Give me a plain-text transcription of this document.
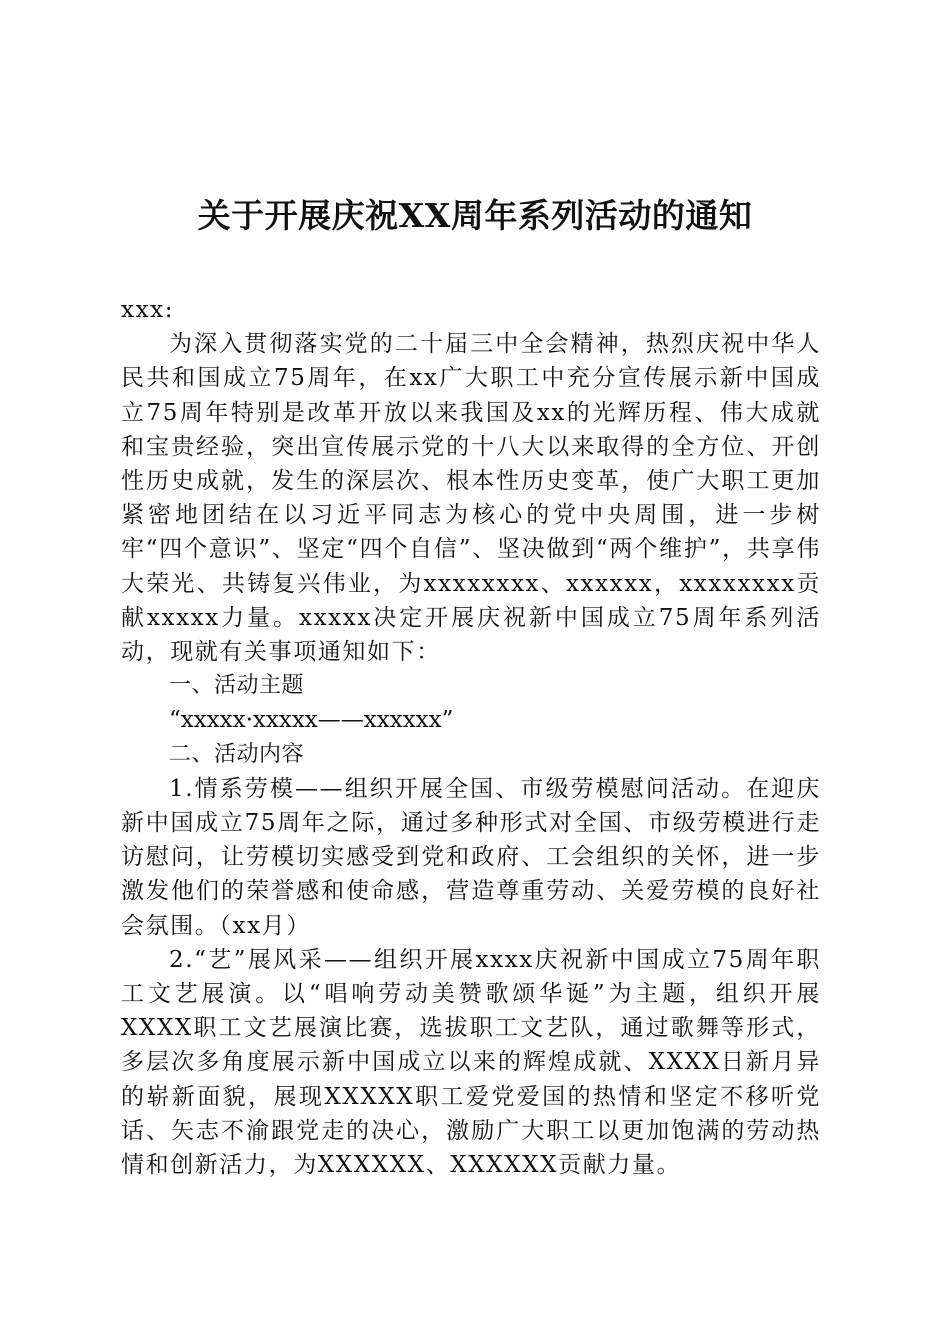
关于开展庆祝XX周年系列活动的通知

xxx:

为深入贯彻落实党的二十届三中全会精神，热烈庆祝中华人民共和国成立75周年，在xx广大职工中充分宣传展示新中国成立75周年特别是改革开放以来我国及xx的光辉历程、伟大成就和宝贵经验，突出宣传展示党的十八大以来取得的全方位、开创性历史成就，发生的深层次、根本性历史变革，使广大职工更加紧密地团结在以习近平同志为核心的党中央周围，进一步树牢“四个意识”、坚定“四个自信”、坚决做到“两个维护”，共享伟大荣光、共铸复兴伟业，为xxxxxxxx、xxxxxx，xxxxxxxx贡献xxxxx力量。xxxxx决定开展庆祝新中国成立75周年系列活动，现就有关事项通知如下：

一、活动主题

“xxxxx·xxxxx——xxxxxx”

二、活动内容

1.情系劳模——组织开展全国、市级劳模慰问活动。在迎庆新中国成立75周年之际，通过多种形式对全国、市级劳模进行走访慰问，让劳模切实感受到党和政府、工会组织的关怀，进一步激发他们的荣誉感和使命感，营造尊重劳动、关爱劳模的良好社会氛围。（xx月）

2.“艺”展风采——组织开展xxxx庆祝新中国成立75周年职工文艺展演。以“唱响劳动美赞歌颂华诞”为主题，组织开展XXXX职工文艺展演比赛，选拔职工文艺队，通过歌舞等形式，多层次多角度展示新中国成立以来的辉煌成就、XXXX日新月异的崭新面貌，展现XXXXX职工爱党爱国的热情和坚定不移听党话、矢志不渝跟党走的决心，激励广大职工以更加饱满的劳动热情和创新活力，为XXXXXX、XXXXXX贡献力量。
